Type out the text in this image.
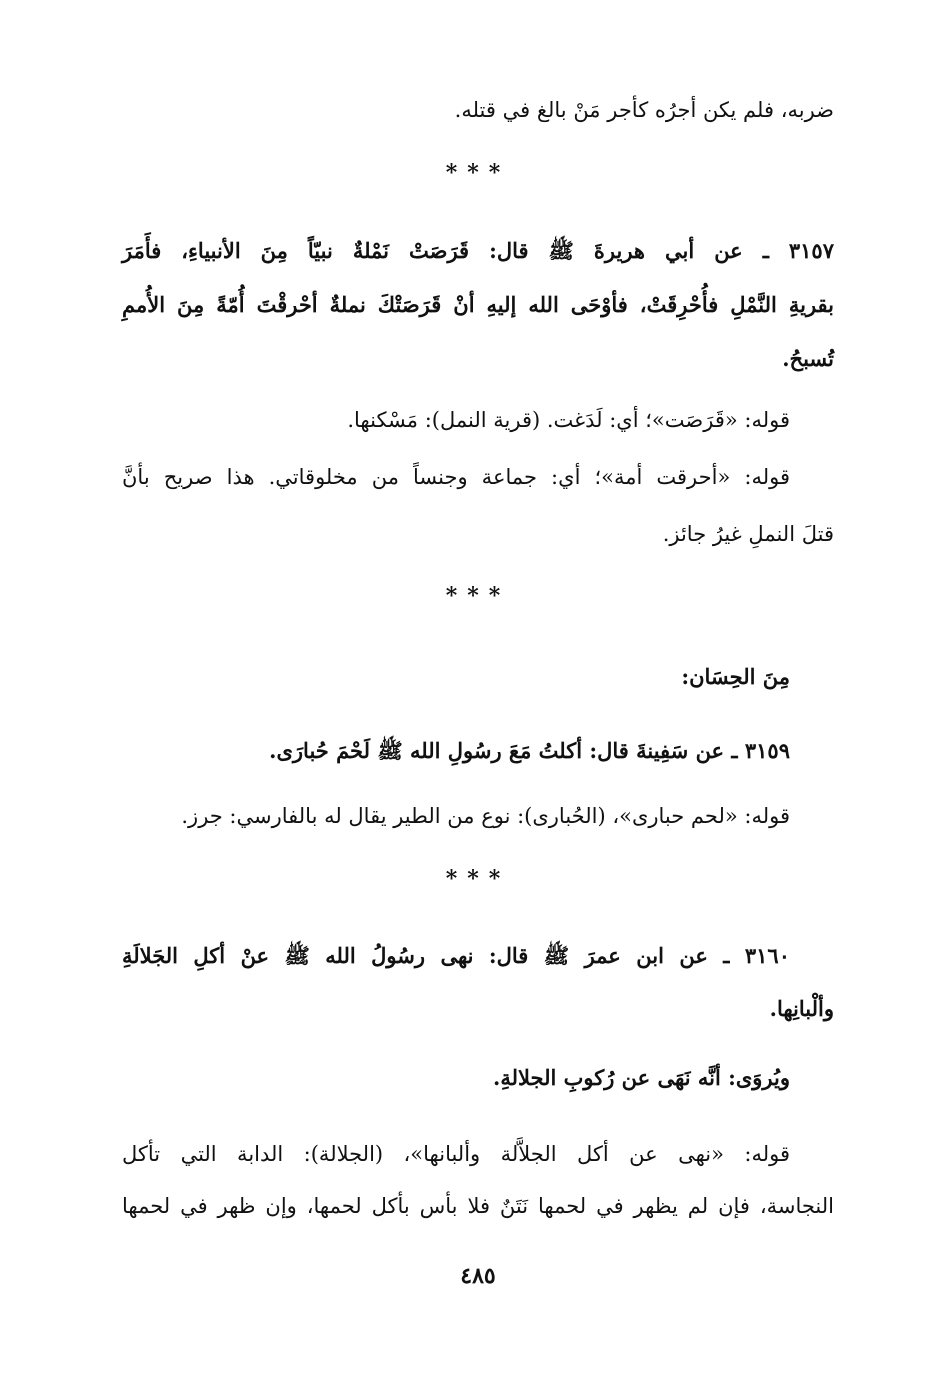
ضربه، فلم يكن أجرُه كأجر مَنْ بالغ في قتله.
***
٣١٥٧ ـ عن أبي هريرةَ ﷺ قال: قَرَصَتْ نَمْلةٌ نبيّاً مِنَ الأنبياءِ، فأَمَرَ
بقريةِ النَّمْلِ فأُحْرِقَتْ، فأوْحَى الله إليهِ أنْ قَرَصَتْكَ نملةٌ أحْرقْتَ أُمّةً مِنَ الأُممِ
تُسبحُ.
قوله: «قَرَصَت»؛ أي: لَدَغت. (قرية النمل): مَسْكنها.
قوله: «أحرقت أمة»؛ أي: جماعة وجنساً من مخلوقاتي. هذا صريح بأنَّ
قتلَ النملِ غيرُ جائز.
***
مِنَ الحِسَان:
٣١٥٩ ـ عن سَفِينةَ قال: أكلتُ مَعَ رسُولِ الله ﷺ لَحْمَ حُبارَى.
قوله: «لحم حبارى»، (الحُبارى): نوع من الطير يقال له بالفارسي: جرز.
***
٣١٦٠ ـ عن ابن عمرَ ﷺ قال: نهى رسُولُ الله ﷺ عنْ أكلِ الجَلالَةِ
وألْبانِها.
ويُروَى: أنَّه نَهَى عن رُكوبِ الجلالةِ.
قوله: «نهى عن أكل الجلاَّلة وألبانها»، (الجلالة): الدابة التي تأكل
النجاسة، فإن لم يظهر في لحمها نَتَنٌ فلا بأس بأكل لحمها، وإن ظهر في لحمها
٤٨٥
